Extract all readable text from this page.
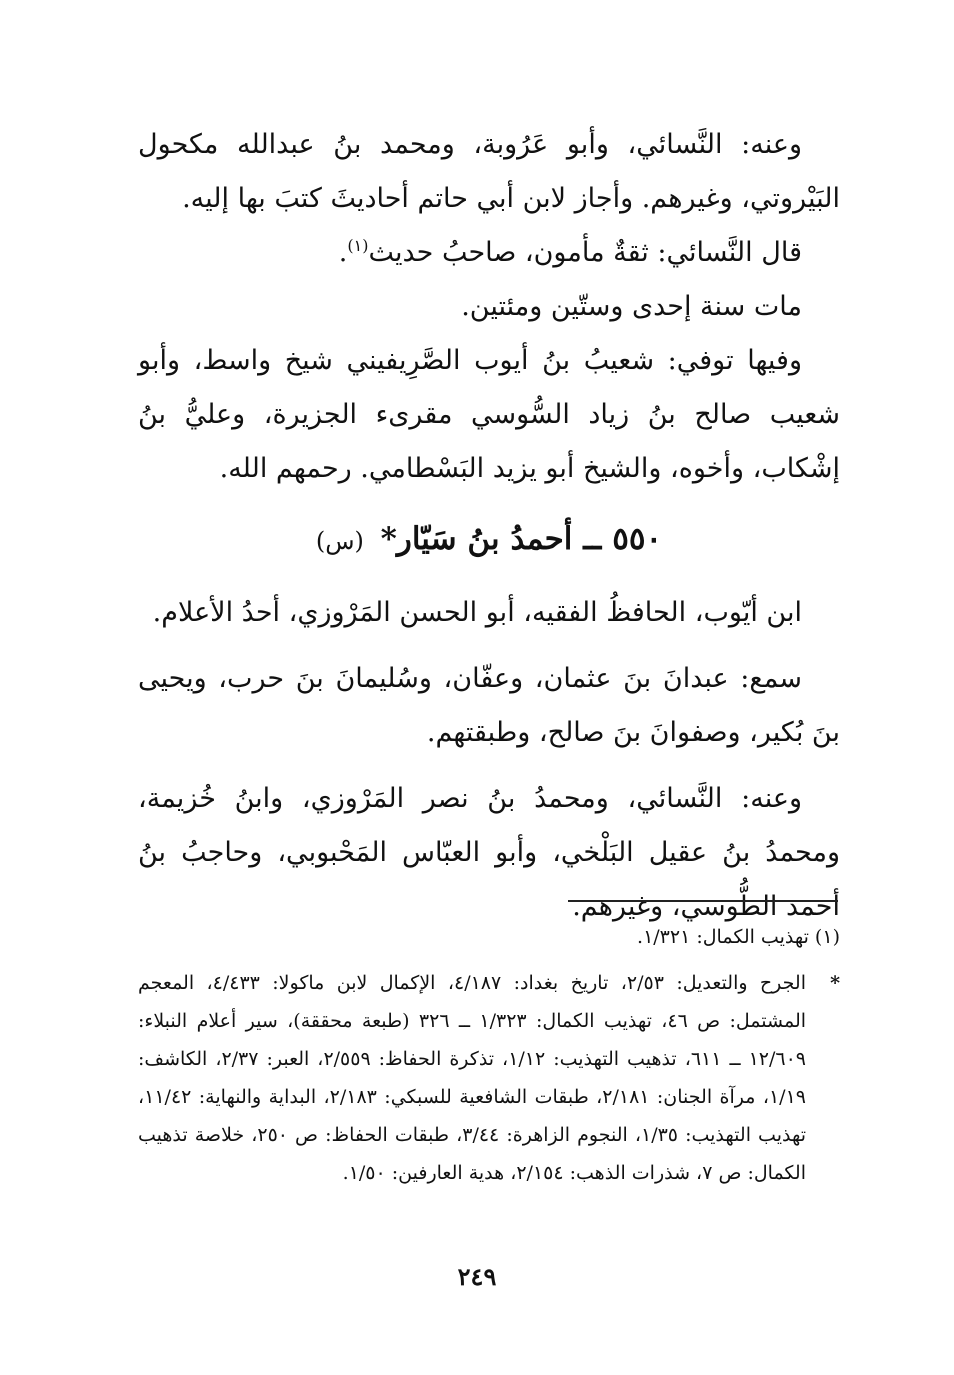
وعنه: النَّسائي، وأبو عَرُوبة، ومحمد بنُ عبدالله مكحول البَيْروتي، وغيرهم. وأجاز لابن أبي حاتم أحاديثَ كتبَ بها إليه.

قال النَّسائي: ثقةٌ مأمون، صاحبُ حديث$^{(١)}$.

مات سنة إحدى وستّين ومئتين.

وفيها توفي: شعيبُ بنُ أيوب الصَّرِيفيني شيخ واسط، وأبو شعيب صالح بنُ زياد السُّوسي مقرىء الجزيرة، وعليُّ بنُ إشْكاب، وأخوه، والشيخ أبو يزيد البَسْطامي. رحمهم الله.

٥٥٠ ــ أحمدُ بنُ سَيّار* (س)

ابن أيّوب، الحافظُ الفقيه، أبو الحسن المَرْوزي، أحدُ الأعلام.

سمع: عبدانَ بنَ عثمان، وعفّان، وسُليمانَ بنَ حرب، ويحيى بنَ بُكير، وصفوانَ بنَ صالح، وطبقتهم.

وعنه: النَّسائي، ومحمدُ بنُ نصر المَرْوزي، وابنُ خُزيمة، ومحمدُ بنُ عقيل البَلْخي، وأبو العبّاس المَحْبوبي، وحاجبُ بنُ أحمد الطُّوسي، وغيرهم.

(١) تهذيب الكمال: ١/٣٢١.

*
الجرح والتعديل: ٢/٥٣، تاريخ بغداد: ٤/١٨٧، الإكمال لابن ماكولا: ٤/٤٣٣، المعجم المشتمل: ص ٤٦، تهذيب الكمال: ١/٣٢٣ ــ ٣٢٦ (طبعة محققة)، سير أعلام النبلاء: ١٢/٦٠٩ ــ ٦١١، تذهيب التهذيب: ١/١٢، تذكرة الحفاظ: ٢/٥٥٩، العبر: ٢/٣٧، الكاشف: ١/١٩، مرآة الجنان: ٢/١٨١، طبقات الشافعية للسبكي: ٢/١٨٣، البداية والنهاية: ١١/٤٢، تهذيب التهذيب: ١/٣٥، النجوم الزاهرة: ٣/٤٤، طبقات الحفاظ: ص ٢٥٠، خلاصة تذهيب الكمال: ص ٧، شذرات الذهب: ٢/١٥٤، هدية العارفين: ١/٥٠.

٢٤٩
